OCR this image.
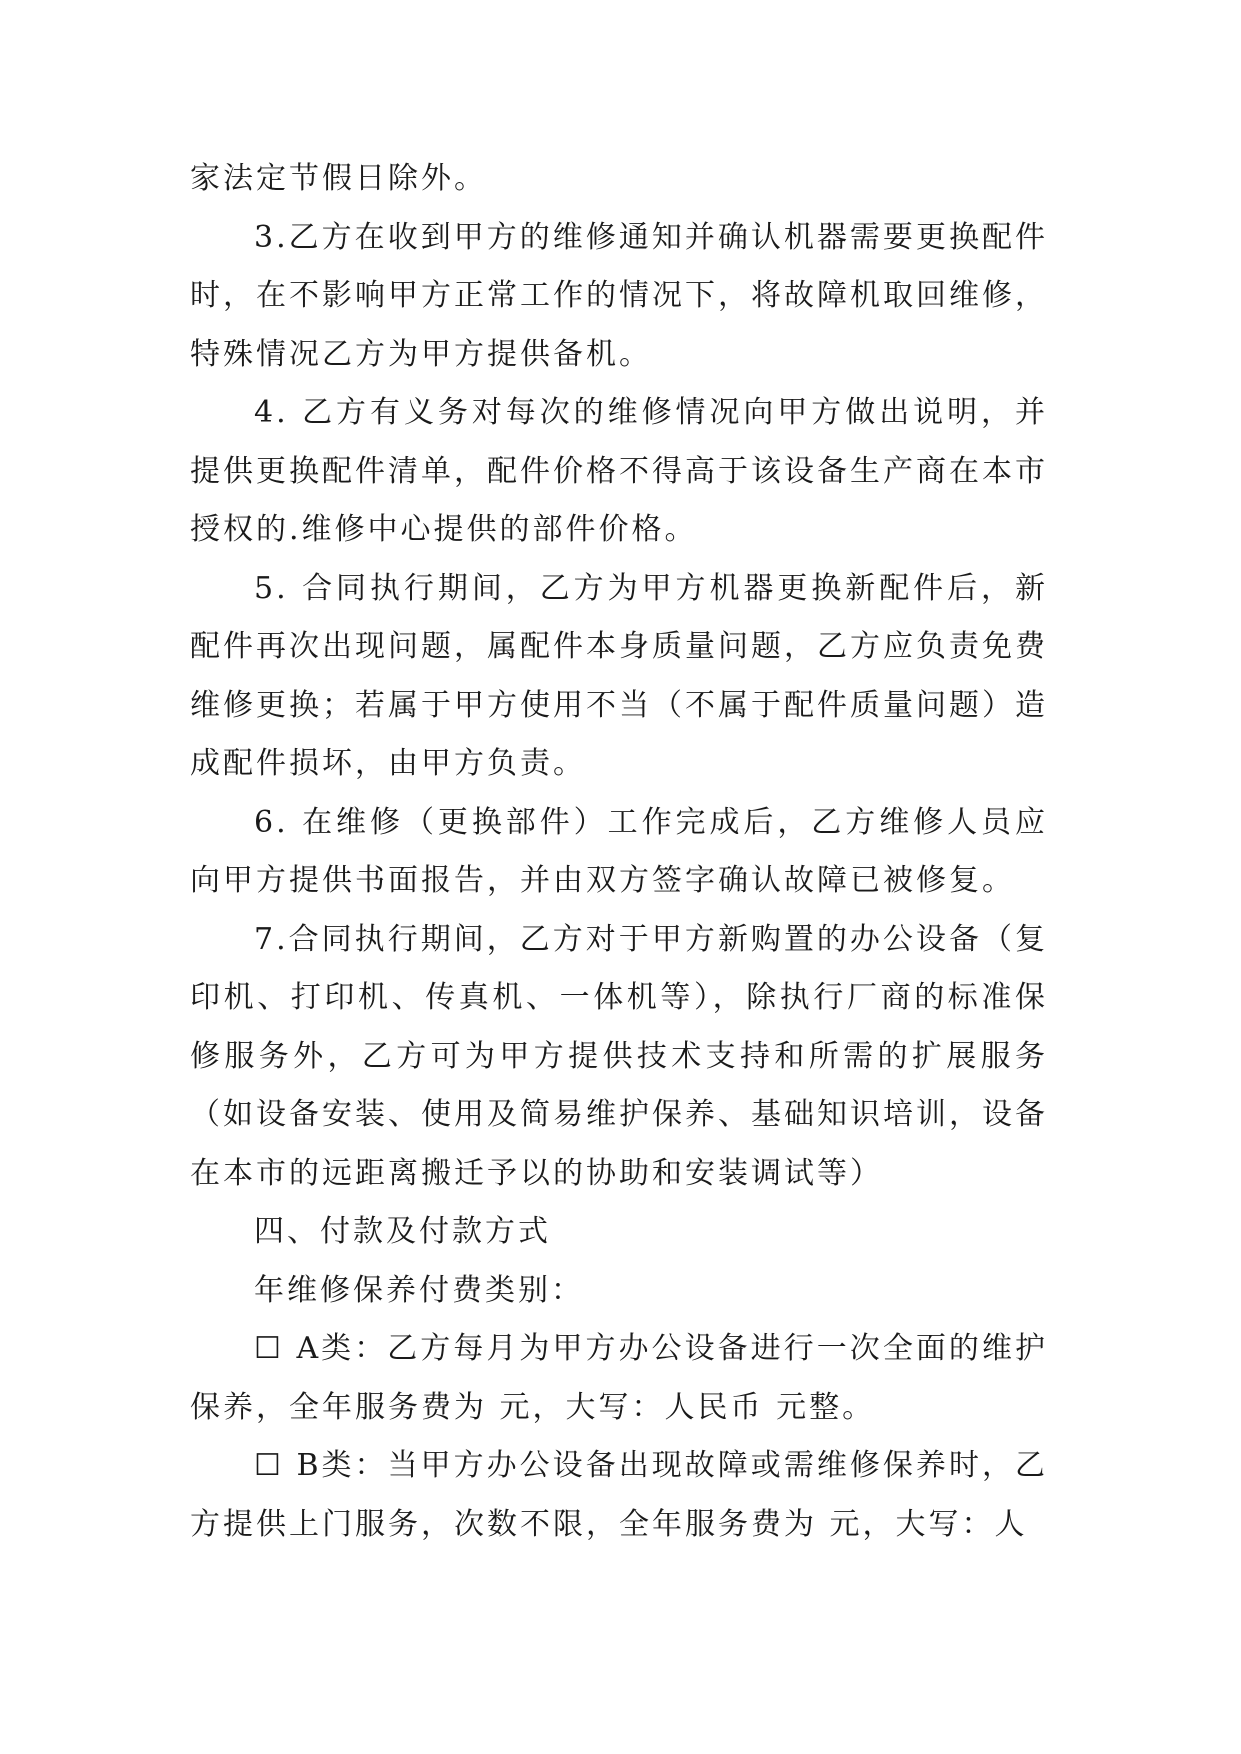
家法定节假日除外。

3.乙方在收到甲方的维修通知并确认机器需要更换配件时，在不影响甲方正常工作的情况下，将故障机取回维修，特殊情况乙方为甲方提供备机。

4. 乙方有义务对每次的维修情况向甲方做出说明，并提供更换配件清单，配件价格不得高于该设备生产商在本市授权的.维修中心提供的部件价格。

5. 合同执行期间，乙方为甲方机器更换新配件后，新配件再次出现问题，属配件本身质量问题，乙方应负责免费维修更换；若属于甲方使用不当（不属于配件质量问题）造成配件损坏，由甲方负责。

6. 在维修（更换部件）工作完成后，乙方维修人员应向甲方提供书面报告，并由双方签字确认故障已被修复。

7.合同执行期间，乙方对于甲方新购置的办公设备（复印机、打印机、传真机、一体机等），除执行厂商的标准保修服务外，乙方可为甲方提供技术支持和所需的扩展服务（如设备安装、使用及简易维护保养、基础知识培训，设备在本市的远距离搬迁予以的协助和安装调试等）

四、付款及付款方式

年维修保养付费类别：

☐ A类：乙方每月为甲方办公设备进行一次全面的维护保养，全年服务费为 元，大写：人民币 元整。

☐ B类：当甲方办公设备出现故障或需维修保养时，乙方提供上门服务，次数不限，全年服务费为 元，大写：人
